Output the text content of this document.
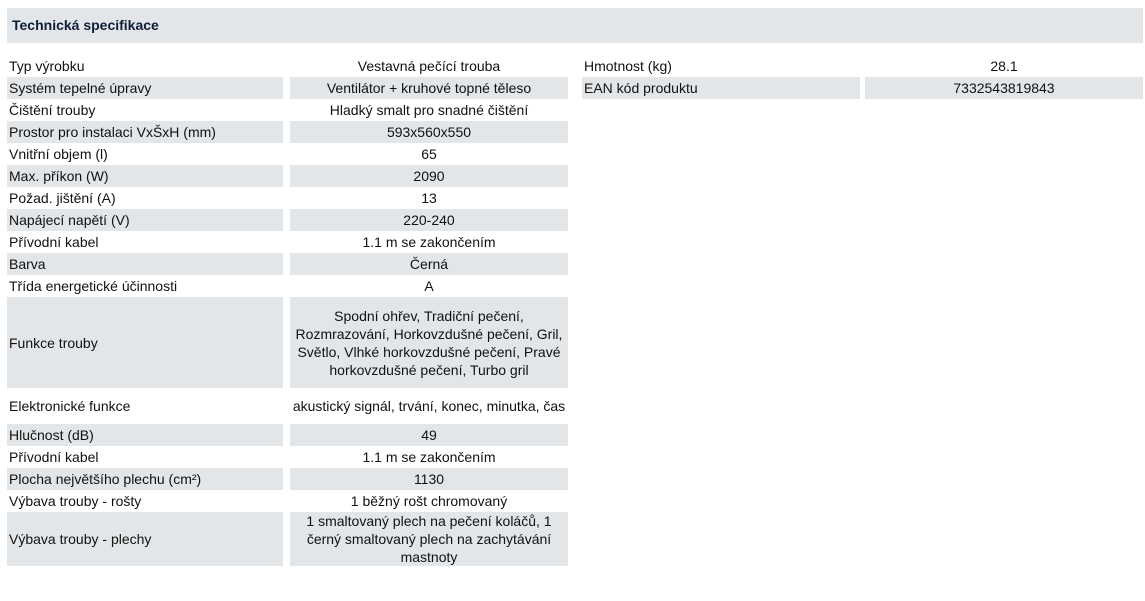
Technická specifikace
Typ výrobku		Vestavná pečící trouba
Systém tepelné úpravy		Ventilátor + kruhové topné těleso
Čištění trouby		Hladký smalt pro snadné čištění
Prostor pro instalaci VxŠxH (mm)		593x560x550
Vnitřní objem (l)		65
Max. příkon (W)		2090
Požad. jištění (A)		13
Napájecí napětí (V)		220-240
Přívodní kabel		1.1 m se zakončením
Barva		Černá
Třída energetické účinnosti		A
Funkce trouby		Spodní ohřev, Tradiční pečení, Rozmrazování, Horkovzdušné pečení, Gril, Světlo, Vlhké horkovzdušné pečení, Pravé horkovzdušné pečení, Turbo gril
Elektronické funkce		akustický signál, trvání, konec, minutka, čas
Hlučnost (dB)		49
Přívodní kabel		1.1 m se zakončením
Plocha největšího plechu (cm²)		1130
Výbava trouby - rošty		1 běžný rošt chromovaný
Výbava trouby - plechy		1 smaltovaný plech na pečení koláčů, 1 černý smaltovaný plech na zachytávání mastnoty
Hmotnost (kg)		28.1
EAN kód produktu		7332543819843
